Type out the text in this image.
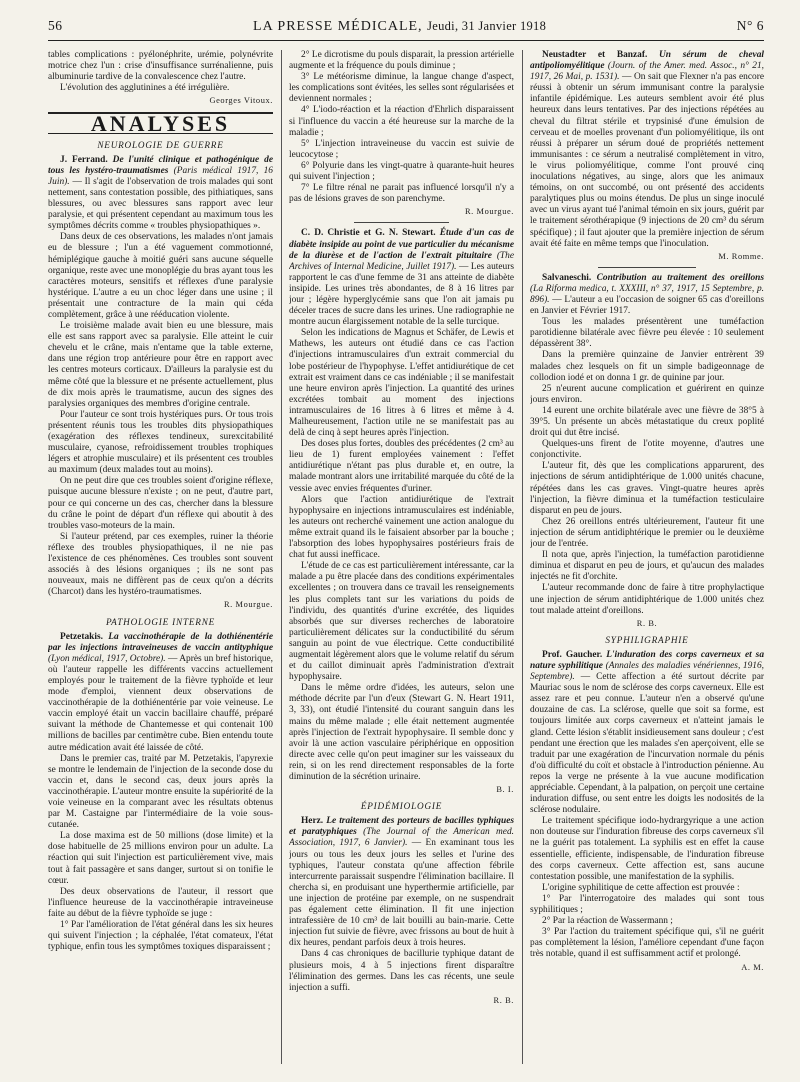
56	LA PRESSE MÉDICALE, Jeudi, 31 Janvier 1918	N° 6

tables complications : pyélonéphrite, urémie, polynévrite motrice chez l'un : crise d'insuffisance surrénalienne, puis albuminurie tardive de la convalescence chez l'autre.

L'évolution des agglutinines a été irrégulière.

Georges Vitoux.

ANALYSES
NEUROLOGIE DE GUERRE

J. Ferrand. De l'unité clinique et pathogénique de tous les hystéro-traumatismes (Paris médical 1917, 16 Juin). — Il s'agit de l'observation de trois malades qui sont nettement, sans contestation possible, des pithiatiques, sans blessures, ou avec blessures sans rapport avec leur paralysie, et qui présentent cependant au maximum tous les symptômes décrits comme « troubles physiopathiques ».

Dans deux de ces observations, les malades n'ont jamais eu de blessure ; l'un a été vaguement commotionné, hémiplégique gauche à moitié guéri sans aucune séquelle organique, reste avec une monoplégie du bras ayant tous les caractères moteurs, sensitifs et réflexes d'une paralysie hystérique. L'autre a eu un choc léger dans une usine ; il présentait une contracture de la main qui céda complètement, grâce à une rééducation violente.

Le troisième malade avait bien eu une blessure, mais elle est sans rapport avec sa paralysie. Elle atteint le cuir chevelu et le crâne, mais n'entame que la table externe, dans une région trop antérieure pour être en rapport avec les centres moteurs corticaux. D'ailleurs la paralysie est du même côté que la blessure et ne présente actuellement, plus de dix mois après le traumatisme, aucun des signes des paralysies organiques des membres d'origine centrale.

Pour l'auteur ce sont trois hystériques purs. Or tous trois présentent réunis tous les troubles dits physiopathiques (exagération des réflexes tendineux, surexcitabilité musculaire, cyanose, refroidissement troubles trophiques légers et atrophie musculaire) et ils présentent ces troubles au maximum (deux malades tout au moins).

On ne peut dire que ces troubles soient d'origine réflexe, puisque aucune blessure n'existe ; on ne peut, d'autre part, pour ce qui concerne un des cas, chercher dans la blessure du crâne le point de départ d'un réflexe qui aboutit à des troubles vaso-moteurs de la main.

Si l'auteur prétend, par ces exemples, ruiner la théorie réflexe des troubles physiopathiques, il ne nie pas l'existence de ces phénomènes. Ces troubles sont souvent associés à des lésions organiques ; ils ne sont pas nouveaux, mais ne diffèrent pas de ceux qu'on a décrits (Charcot) dans les hystéro-traumatismes.

R. Mourgue.

PATHOLOGIE INTERNE

Petzetakis. La vaccinothérapie de la dothiénentérie par les injections intraveineuses de vaccin antityphique (Lyon médical, 1917, Octobre). — Après un bref historique, où l'auteur rappelle les différents vaccins actuellement employés pour le traitement de la fièvre typhoïde et leur mode d'emploi, viennent deux observations de vaccinothérapie de la dothiénentérie par voie veineuse. Le vaccin employé était un vaccin bacillaire chauffé, préparé suivant la méthode de Chantemesse et qui contenait 100 millions de bacilles par centimètre cube. Bien entendu toute autre médication avait été laissée de côté.

Dans le premier cas, traité par M. Petzetakis, l'apyrexie se montre le lendemain de l'injection de la seconde dose du vaccin et, dans le second cas, deux jours après la vaccinothérapie. L'auteur montre ensuite la supériorité de la voie veineuse en la comparant avec les résultats obtenus par M. Castaigne par l'intermédiaire de la voie sous-cutanée.

La dose maxima est de 50 millions (dose limite) et la dose habituelle de 25 millions environ pour un adulte. La réaction qui suit l'injection est particulièrement vive, mais tout à fait passagère et sans danger, surtout si on tonifie le cœur.

Des deux observations de l'auteur, il ressort que l'influence heureuse de la vaccinothérapie intraveineuse faite au début de la fièvre typhoïde se juge :

1° Par l'amélioration de l'état général dans les six heures qui suivent l'injection ; la céphalée, l'état comateux, l'état typhique, enfin tous les symptômes toxiques disparaissent ;

2° Le dicrotisme du pouls disparait, la pression artérielle augmente et la fréquence du pouls diminue ;

3° Le météorisme diminue, la langue change d'aspect, les complications sont évitées, les selles sont régularisées et deviennent normales ;

4° L'iodo-réaction et la réaction d'Ehrlich disparaissent si l'influence du vaccin a été heureuse sur la marche de la maladie ;

5° L'injection intraveineuse du vaccin est suivie de leucocytose ;

6° Polyurie dans les vingt-quatre à quarante-huit heures qui suivent l'injection ;

7° Le filtre rénal ne parait pas influencé lorsqu'il n'y a pas de lésions graves de son parenchyme.

R. Mourgue.

C. D. Christie et G. N. Stewart. Étude d'un cas de diabète insipide au point de vue particulier du mécanisme de la diurèse et de l'action de l'extrait pituitaire (The Archives of Internal Medicine, Juillet 1917). — Les auteurs rapportent le cas d'une femme de 31 ans atteinte de diabète insipide. Les urines très abondantes, de 8 à 16 litres par jour ; légère hyperglycémie sans que l'on ait jamais pu déceler traces de sucre dans les urines. Une radiographie ne montre aucun élargissement notable de la selle turcique.

Selon les indications de Magnus et Schäfer, de Lewis et Mathews, les auteurs ont étudié dans ce cas l'action d'injections intramusculaires d'un extrait commercial du lobe postérieur de l'hypophyse. L'effet antidiurétique de cet extrait est vraiment dans ce cas indéniable ; il se manifestait une heure environ après l'injection. La quantité des urines excrétées tombait au moment des injections intramusculaires de 16 litres à 6 litres et même à 4. Malheureusement, l'action utile ne se manifestait pas au delà de cinq à sept heures après l'injection.

Des doses plus fortes, doubles des précédentes (2 cm³ au lieu de 1) furent employées vainement : l'effet antidiurétique n'étant pas plus durable et, en outre, la malade montrant alors une irritabilité marquée du côté de la vessie avec envies fréquentes d'uriner.

Alors que l'action antidiurétique de l'extrait hypophysaire en injections intramusculaires est indéniable, les auteurs ont recherché vainement une action analogue du même extrait quand ils le faisaient absorber par la bouche ; l'absorption des lobes hypophysaires postérieurs frais de chat fut aussi inefficace.

L'étude de ce cas est particulièrement intéressante, car la malade a pu être placée dans des conditions expérimentales excellentes ; on trouvera dans ce travail les renseignements les plus complets tant sur les variations du poids de l'individu, des quantités d'urine excrétée, des liquides absorbés que sur diverses recherches de laboratoire particulièrement délicates sur la conductibilité du sérum sanguin au point de vue électrique. Cette conductibilité augmentait légèrement alors que le volume relatif du sérum et du caillot diminuait après l'administration d'extrait hypophysaire.

Dans le même ordre d'idées, les auteurs, selon une méthode décrite par l'un d'eux (Stewart G. N. Heart 1911, 3, 33), ont étudié l'intensité du courant sanguin dans les mains du même malade ; elle était nettement augmentée après l'injection de l'extrait hypophysaire. Il semble donc y avoir là une action vasculaire périphérique en opposition directe avec celle qu'on peut imaginer sur les vaisseaux du rein, si on les rend directement responsables de la forte diminution de la sécrétion urinaire.

B. I.

ÉPIDÉMIOLOGIE

Herz. Le traitement des porteurs de bacilles typhiques et paratyphiques (The Journal of the American med. Association, 1917, 6 Janvier). — En examinant tous les jours ou tous les deux jours les selles et l'urine des typhiques, l'auteur constata qu'une affection fébrile intercurrente paraissait suspendre l'élimination bacillaire. Il chercha si, en produisant une hyperthermie artificielle, par une injection de protéine par exemple, on ne suspendrait pas également cette élimination. Il fit une injection intrafessière de 10 cm³ de lait bouilli au bain-marie. Cette injection fut suivie de fièvre, avec frissons au bout de huit à dix heures, pendant parfois deux à trois heures.

Dans 4 cas chroniques de bacillurie typhique datant de plusieurs mois, 4 à 5 injections firent disparaître l'élimination des germes. Dans les cas récents, une seule injection a suffi.

R. B.

Neustadter et Banzaf. Un sérum de cheval antipoliomyélitique (Journ. of the Amer. med. Assoc., n° 21, 1917, 26 Mai, p. 1531). — On sait que Flexner n'a pas encore réussi à obtenir un sérum immunisant contre la paralysie infantile épidémique. Les auteurs semblent avoir été plus heureux dans leurs tentatives. Par des injections répétées au cheval du filtrat stérile et trypsinisé d'une émulsion de cerveau et de moelles provenant d'un poliomyélitique, ils ont réussi à préparer un sérum doué de propriétés nettement immunisantes : ce sérum a neutralisé complètement in vitro, le virus poliomyélitique, comme l'ont prouvé cinq inoculations négatives, au singe, alors que les animaux témoins, on ont succombé, ou ont présenté des accidents paralytiques plus ou moins étendus. De plus un singe inoculé avec un virus ayant tué l'animal témoin en six jours, guérit par le traitement sérothérapique (9 injections de 20 cm³ du sérum spécifique) ; il faut ajouter que la première injection de sérum avait été faite en même temps que l'inoculation.

M. Romme.

Salvaneschi. Contribution au traitement des oreillons (La Riforma medica, t. XXXIII, n° 37, 1917, 15 Septembre, p. 896). — L'auteur a eu l'occasion de soigner 65 cas d'oreillons en Janvier et Février 1917.

Tous les malades présentèrent une tuméfaction parotidienne bilatérale avec fièvre peu élevée : 10 seulement dépassèrent 38°.

Dans la première quinzaine de Janvier entrèrent 39 malades chez lesquels on fit un simple badigeonnage de collodion iodé et on donna 1 gr. de quinine par jour.

25 n'eurent aucune complication et guérirent en quinze jours environ.

14 eurent une orchite bilatérale avec une fièvre de 38°5 à 39°5. Un présente un abcès métastatique du creux poplité droit qui dut être incisé.

Quelques-uns firent de l'otite moyenne, d'autres une conjonctivite.

L'auteur fit, dès que les complications apparurent, des injections de sérum antidiphtérique de 1.000 unités chacune, répétées dans les cas graves. Vingt-quatre heures après l'injection, la fièvre diminua et la tuméfaction testiculaire disparut en peu de jours.

Chez 26 oreillons entrés ultérieurement, l'auteur fit une injection de sérum antidiphtérique le premier ou le deuxième jour de l'entrée.

Il nota que, après l'injection, la tuméfaction parotidienne diminua et disparut en peu de jours, et qu'aucun des malades injectés ne fit d'orchite.

L'auteur recommande donc de faire à titre prophylactique une injection de sérum antidiphtérique de 1.000 unités chez tout malade atteint d'oreillons.

R. B.

SYPHILIGRAPHIE

Prof. Gaucher. L'induration des corps caverneux et sa nature syphilitique (Annales des maladies vénériennes, 1916, Septembre). — Cette affection a été surtout décrite par Mauriac sous le nom de sclérose des corps caverneux. Elle est assez rare et peu connue. L'auteur n'en a observé qu'une douzaine de cas. La sclérose, quelle que soit sa forme, est toujours limitée aux corps caverneux et n'atteint jamais le gland. Cette lésion s'établit insidieusement sans douleur ; c'est pendant une érection que les malades s'en aperçoivent, elle se traduit par une exagération de l'incurvation normale du pénis d'où difficulté du coït et obstacle à l'introduction pénienne. Au repos la verge ne présente à la vue aucune modification appréciable. Cependant, à la palpation, on perçoit une certaine induration diffuse, ou sent entre les doigts les nodosités de la sclérose nodulaire.

Le traitement spécifique iodo-hydrargyrique a une action non douteuse sur l'induration fibreuse des corps caverneux s'il ne la guérit pas totalement. La syphilis est en effet la cause essentielle, efficiente, indispensable, de l'induration fibreuse des corps caverneux. Cette affection est, sans aucune contestation possible, une manifestation de la syphilis.

L'origine syphilitique de cette affection est prouvée :

1° Par l'interrogatoire des malades qui sont tous syphilitiques ;

2° Par la réaction de Wassermann ;

3° Par l'action du traitement spécifique qui, s'il ne guérit pas complètement la lésion, l'améliore cependant d'une façon très notable, quand il est suffisamment actif et prolongé.

A. M.
